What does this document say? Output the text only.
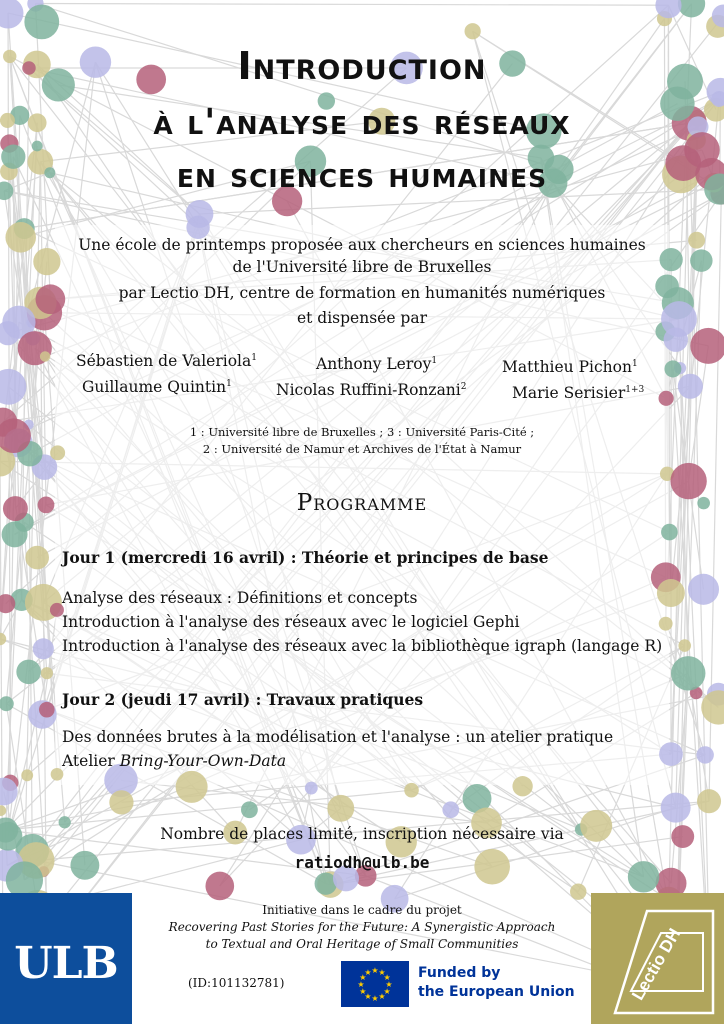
Introduction
à l'analyse des réseaux
en sciences humaines
Une école de printemps proposée aux chercheurs en sciences humaines
de l'Université libre de Bruxelles
par Lectio DH, centre de formation en humanités numériques
et dispensée par
Sébastien de Valeriola$^1$
Guillaume Quintin$^1$
Anthony Leroy$^1$
Nicolas Ruffini-Ronzani$^2$
Matthieu Pichon$^1$
Marie Serisier$^{1+3}$
1 : Université libre de Bruxelles ; 3 : Université Paris-Cité ;
2 : Université de Namur et Archives de l'État à Namur
Programme
Jour 1 (mercredi 16 avril) : Théorie et principes de base
Analyse des réseaux : Définitions et concepts
Introduction à l'analyse des réseaux avec le logiciel Gephi
Introduction à l'analyse des réseaux avec la bibliothèque igraph (langage R)
Jour 2 (jeudi 17 avril) : Travaux pratiques
Des données brutes à la modélisation et l'analyse : un atelier pratique
Atelier Bring-Your-Own-Data
Nombre de places limité, inscription nécessaire via
ratiodh@ulb.be
ULB
Initiative dans le cadre du projet
Recovering Past Stories for the Future: A Synergistic Approach
to Textual and Oral Heritage of Small Communities
(ID:101132781)	★
★
★
★
★
★
★
★
★ ★ ★
★ Funded by
the European Union	Lectio DH
